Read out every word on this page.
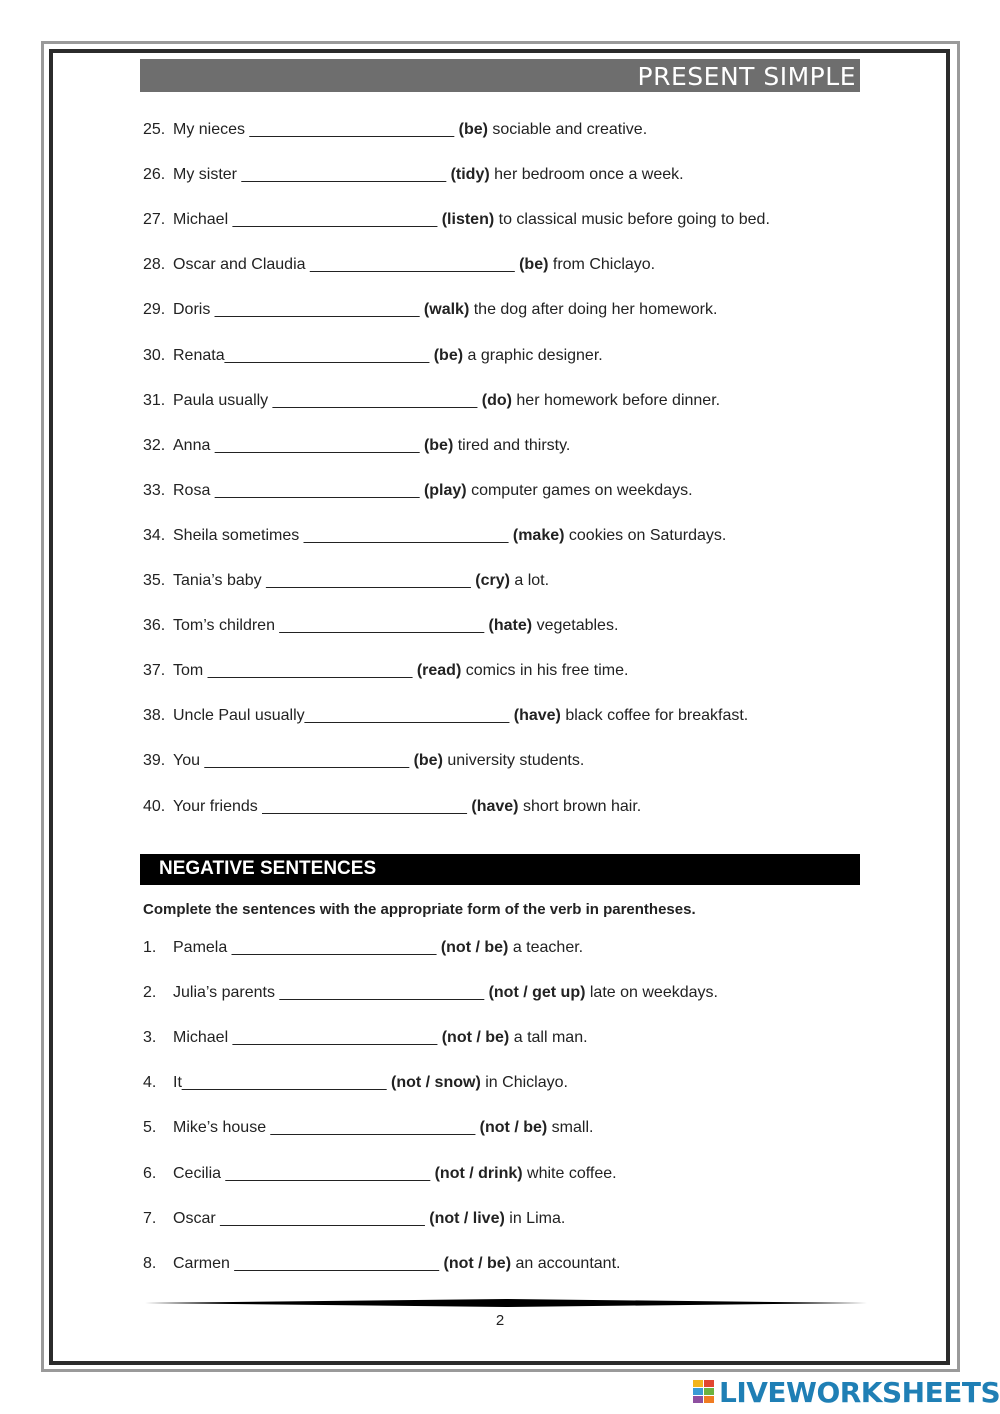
PRESENT SIMPLE
25. My nieces _______________________ (be) sociable and creative.
26. My sister _______________________ (tidy) her bedroom once a week.
27. Michael _______________________ (listen) to classical music before going to bed.
28. Oscar and Claudia _______________________ (be) from Chiclayo.
29. Doris _______________________ (walk) the dog after doing her homework.
30. Renata_______________________ (be) a graphic designer.
31. Paula usually _______________________ (do) her homework before dinner.
32. Anna _______________________ (be) tired and thirsty.
33. Rosa _______________________ (play) computer games on weekdays.
34. Sheila sometimes _______________________ (make) cookies on Saturdays.
35. Tania’s baby _______________________ (cry) a lot.
36. Tom’s children _______________________ (hate) vegetables.
37. Tom _______________________ (read) comics in his free time.
38. Uncle Paul usually_______________________ (have) black coffee for breakfast.
39. You _______________________ (be) university students.
40. Your friends _______________________ (have) short brown hair.
NEGATIVE SENTENCES
Complete the sentences with the appropriate form of the verb in parentheses.
1. Pamela _______________________ (not / be) a teacher.
2. Julia’s parents _______________________ (not / get up) late on weekdays.
3. Michael _______________________ (not / be) a tall man.
4. It_______________________ (not / snow) in Chiclayo.
5. Mike’s house _______________________ (not / be) small.
6. Cecilia _______________________ (not / drink) white coffee.
7. Oscar _______________________ (not / live) in Lima.
8. Carmen _______________________ (not / be) an accountant.
2
LIVEWORKSHEETS
